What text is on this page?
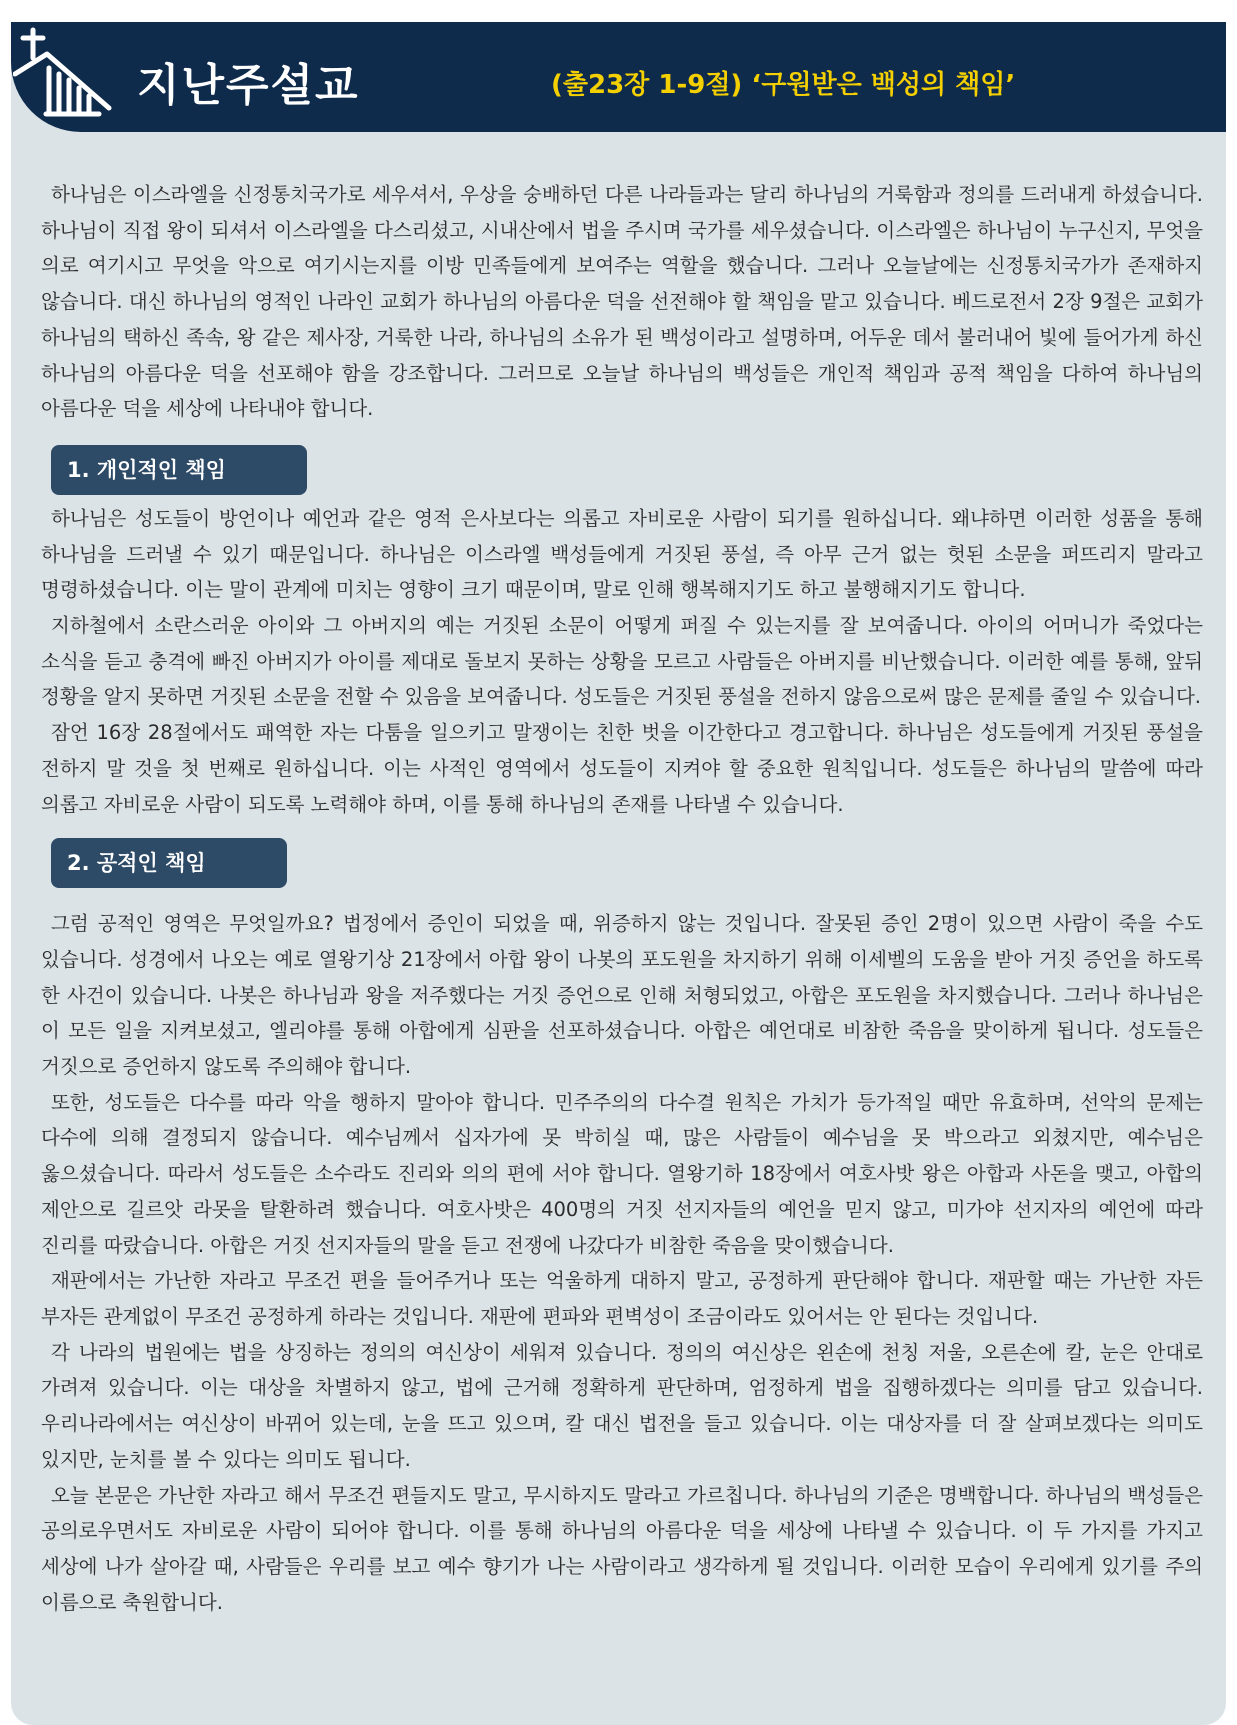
지난주설교	(출23장 1-9절) ‘구원받은 백성의 책임’

하나님은 이스라엘을 신정통치국가로 세우셔서, 우상을 숭배하던 다른 나라들과는 달리 하나님의 거룩함과 정의를 드러내게 하셨습니다. 하나님이 직접 왕이 되셔서 이스라엘을 다스리셨고, 시내산에서 법을 주시며 국가를 세우셨습니다. 이스라엘은 하나님이 누구신지, 무엇을 의로 여기시고 무엇을 악으로 여기시는지를 이방 민족들에게 보여주는 역할을 했습니다. 그러나 오늘날에는 신정통치국가가 존재하지 않습니다. 대신 하나님의 영적인 나라인 교회가 하나님의 아름다운 덕을 선전해야 할 책임을 맡고 있습니다. 베드로전서 2장 9절은 교회가 하나님의 택하신 족속, 왕 같은 제사장, 거룩한 나라, 하나님의 소유가 된 백성이라고 설명하며, 어두운 데서 불러내어 빛에 들어가게 하신 하나님의 아름다운 덕을 선포해야 함을 강조합니다. 그러므로 오늘날 하나님의 백성들은 개인적 책임과 공적 책임을 다하여 하나님의 아름다운 덕을 세상에 나타내야 합니다.

1. 개인적인 책임

하나님은 성도들이 방언이나 예언과 같은 영적 은사보다는 의롭고 자비로운 사람이 되기를 원하십니다. 왜냐하면 이러한 성품을 통해 하나님을 드러낼 수 있기 때문입니다. 하나님은 이스라엘 백성들에게 거짓된 풍설, 즉 아무 근거 없는 헛된 소문을 퍼뜨리지 말라고 명령하셨습니다. 이는 말이 관계에 미치는 영향이 크기 때문이며, 말로 인해 행복해지기도 하고 불행해지기도 합니다.

지하철에서 소란스러운 아이와 그 아버지의 예는 거짓된 소문이 어떻게 퍼질 수 있는지를 잘 보여줍니다. 아이의 어머니가 죽었다는 소식을 듣고 충격에 빠진 아버지가 아이를 제대로 돌보지 못하는 상황을 모르고 사람들은 아버지를 비난했습니다. 이러한 예를 통해, 앞뒤 정황을 알지 못하면 거짓된 소문을 전할 수 있음을 보여줍니다. 성도들은 거짓된 풍설을 전하지 않음으로써 많은 문제를 줄일 수 있습니다.

잠언 16장 28절에서도 패역한 자는 다툼을 일으키고 말쟁이는 친한 벗을 이간한다고 경고합니다. 하나님은 성도들에게 거짓된 풍설을 전하지 말 것을 첫 번째로 원하십니다. 이는 사적인 영역에서 성도들이 지켜야 할 중요한 원칙입니다. 성도들은 하나님의 말씀에 따라 의롭고 자비로운 사람이 되도록 노력해야 하며, 이를 통해 하나님의 존재를 나타낼 수 있습니다.

2. 공적인 책임

그럼 공적인 영역은 무엇일까요? 법정에서 증인이 되었을 때, 위증하지 않는 것입니다. 잘못된 증인 2명이 있으면 사람이 죽을 수도 있습니다. 성경에서 나오는 예로 열왕기상 21장에서 아합 왕이 나봇의 포도원을 차지하기 위해 이세벨의 도움을 받아 거짓 증언을 하도록 한 사건이 있습니다. 나봇은 하나님과 왕을 저주했다는 거짓 증언으로 인해 처형되었고, 아합은 포도원을 차지했습니다. 그러나 하나님은 이 모든 일을 지켜보셨고, 엘리야를 통해 아합에게 심판을 선포하셨습니다. 아합은 예언대로 비참한 죽음을 맞이하게 됩니다. 성도들은 거짓으로 증언하지 않도록 주의해야 합니다.

또한, 성도들은 다수를 따라 악을 행하지 말아야 합니다. 민주주의의 다수결 원칙은 가치가 등가적일 때만 유효하며, 선악의 문제는 다수에 의해 결정되지 않습니다. 예수님께서 십자가에 못 박히실 때, 많은 사람들이 예수님을 못 박으라고 외쳤지만, 예수님은 옳으셨습니다. 따라서 성도들은 소수라도 진리와 의의 편에 서야 합니다. 열왕기하 18장에서 여호사밧 왕은 아합과 사돈을 맺고, 아합의 제안으로 길르앗 라못을 탈환하려 했습니다. 여호사밧은 400명의 거짓 선지자들의 예언을 믿지 않고, 미가야 선지자의 예언에 따라 진리를 따랐습니다. 아합은 거짓 선지자들의 말을 듣고 전쟁에 나갔다가 비참한 죽음을 맞이했습니다.

재판에서는 가난한 자라고 무조건 편을 들어주거나 또는 억울하게 대하지 말고, 공정하게 판단해야 합니다. 재판할 때는 가난한 자든 부자든 관계없이 무조건 공정하게 하라는 것입니다. 재판에 편파와 편벽성이 조금이라도 있어서는 안 된다는 것입니다.

각 나라의 법원에는 법을 상징하는 정의의 여신상이 세워져 있습니다. 정의의 여신상은 왼손에 천칭 저울, 오른손에 칼, 눈은 안대로 가려져 있습니다. 이는 대상을 차별하지 않고, 법에 근거해 정확하게 판단하며, 엄정하게 법을 집행하겠다는 의미를 담고 있습니다. 우리나라에서는 여신상이 바뀌어 있는데, 눈을 뜨고 있으며, 칼 대신 법전을 들고 있습니다. 이는 대상자를 더 잘 살펴보겠다는 의미도 있지만, 눈치를 볼 수 있다는 의미도 됩니다.

오늘 본문은 가난한 자라고 해서 무조건 편들지도 말고, 무시하지도 말라고 가르칩니다. 하나님의 기준은 명백합니다. 하나님의 백성들은 공의로우면서도 자비로운 사람이 되어야 합니다. 이를 통해 하나님의 아름다운 덕을 세상에 나타낼 수 있습니다. 이 두 가지를 가지고 세상에 나가 살아갈 때, 사람들은 우리를 보고 예수 향기가 나는 사람이라고 생각하게 될 것입니다. 이러한 모습이 우리에게 있기를 주의 이름으로 축원합니다.
